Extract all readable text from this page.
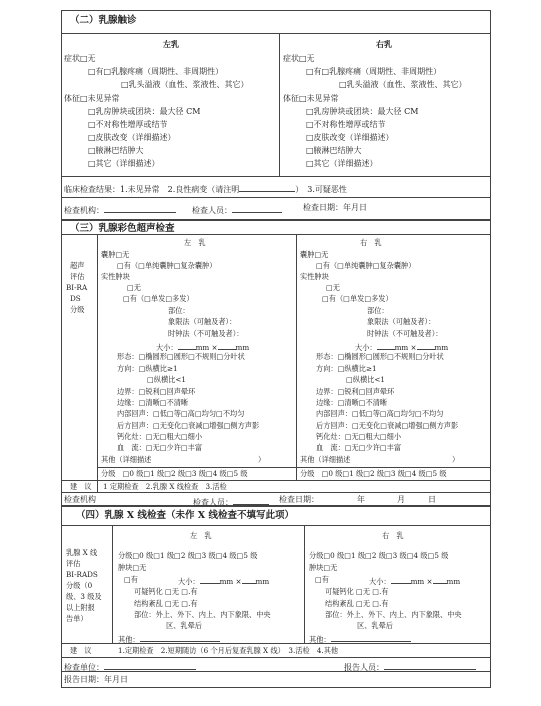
（二）乳腺触诊
左乳
症状□无
□有□乳腺疼痛（周期性、非周期性）
□乳头溢液（血性、浆液性、其它）
体征□未见异常
□乳房肿块或团块：最大径 CM
□不对称性增厚或结节
□皮肤改变（详细描述）
□腋淋巴结肿大
□其它（详细描述）
右乳
症状□无
□有□乳腺疼痛（周期性、非周期性）
□乳头溢液（血性、浆液性、其它）
体征□未见异常
□乳房肿块或团块：最大径 CM
□不对称性增厚或结节
□皮肤改变（详细描述）
□腋淋巴结肿大
□其它（详细描述）
临床检查结果：1.未见异常　2.良性病变（请注明	）　3.可疑恶性
检查机构：	检查人员：	检查日期：年月日
（三）乳腺彩色超声检查
超声
评估
BI-RA
DS
分级
左　乳
囊肿□无
□有（□单纯囊肿□复杂囊肿）
实性肿块
□无
□有（□单发□多发）
部位：
象限法（可触及者）：
时钟法（不可触及者）：
大小：	mm ×	mm
形态：□椭圆形□圆形□不规则□分叶状
方向：□纵横比≥1
□纵横比<1
边界：□锐利□回声晕环
边缘：□清晰□不清晰
内部回声：□低□等□高□均匀□不均匀
后方回声：□无变化□衰减□增强□侧方声影
钙化灶：□无□粗大□细小
血　流：□无□少许□丰富
其他（详细描述	）
分级　□0 级□1 级□2 级□3 级□4 级□5 级
右　乳
囊肿□无
□有（□单纯囊肿□复杂囊肿）
实性肿块
□无
□有（□单发□多发）
部位：
象限法（可触及者）：
时钟法（不可触及者）：
大小：	mm ×	mm
形态：□椭圆形□圆形□不规则□分叶状
方向：□纵横比≥1
□纵横比<1
边界：□锐利□回声晕环
边缘：□清晰□不清晰
内部回声：□低□等□高□均匀□不均匀
后方回声：□无变化□衰减□增强□侧方声影
钙化灶：□无□粗大□细小
血　流：□无□少许□丰富
其他（详细描述	）
分级　□0 级□1 级□2 级□3 级□4 级□5 级
建　议 1 定期检查　2.乳腺 X 线检查　3.活检
检查机构	检查人员：	检查日期：	年	月	日
（四）乳腺 X 线检查（未作 X 线检查不填写此项）
乳腺 X 线
评估
BI-RADS
分级（0
级、3 级及
以上附报
告单）
左　乳
分级□0 级□1 级□2 级□3 级□4 级□5 级
肿块□无
□有	大小：	mm × mm
可疑钙化 □无 □.有
结构紊乱 □无 □.有
部位：外上、外下、内上、内下象限、中央
区、乳晕后
其他：
右　乳
分级□0 级□1 级□2 级□3 级□4 级□5 级
肿块□无
□有	大小：	mm × mm
可疑钙化 □无 □.有
结构紊乱 □无 □.有
部位：外上、外下、内上、内下象限、中央
区、乳晕后
其他：
建　议	1.定期检查　2.短期随访（6 个月后复查乳腺 X 线）　3.活检　4.其他
检查单位：	报告人员：
报告日期：年月日
